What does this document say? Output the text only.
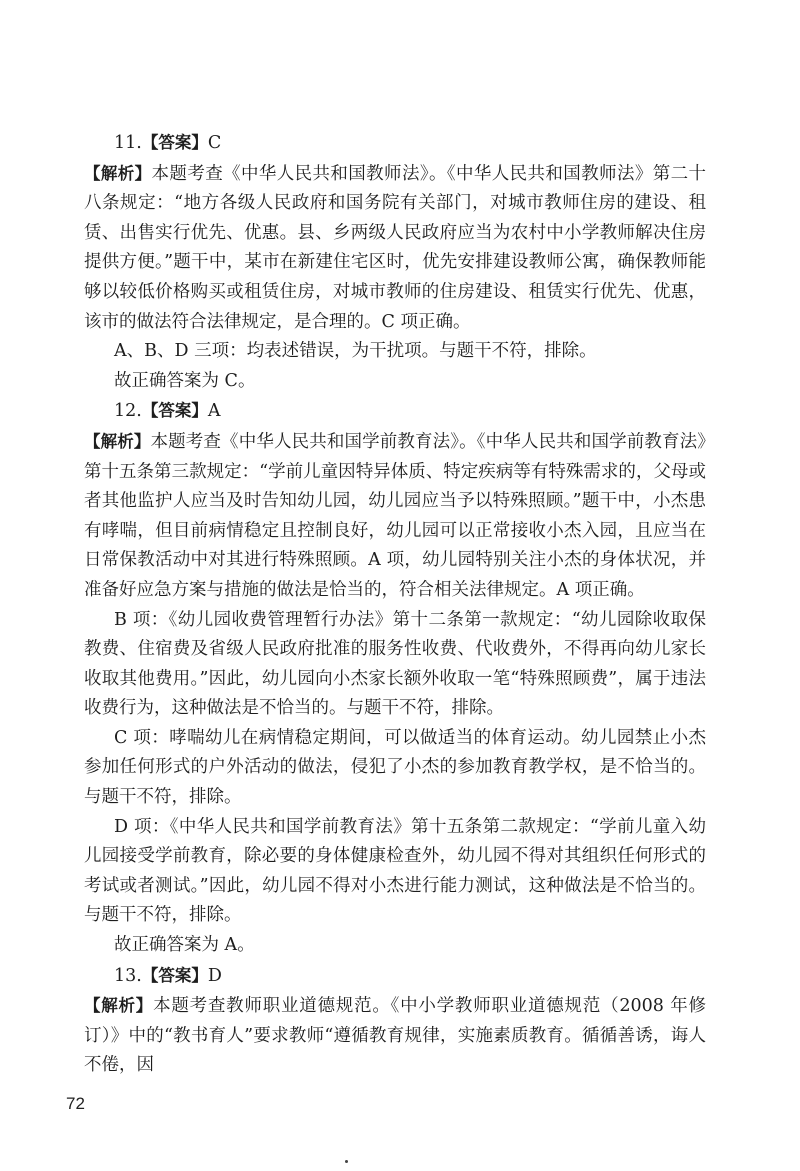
11.【答案】C

【解析】本题考查《中华人民共和国教师法》。《中华人民共和国教师法》第二十八条规定：“地方各级人民政府和国务院有关部门，对城市教师住房的建设、租赁、出售实行优先、优惠。县、乡两级人民政府应当为农村中小学教师解决住房提供方便。”题干中，某市在新建住宅区时，优先安排建设教师公寓，确保教师能够以较低价格购买或租赁住房，对城市教师的住房建设、租赁实行优先、优惠，该市的做法符合法律规定，是合理的。C 项正确。

A、B、D 三项：均表述错误，为干扰项。与题干不符，排除。

故正确答案为 C。

12.【答案】A

【解析】本题考查《中华人民共和国学前教育法》。《中华人民共和国学前教育法》第十五条第三款规定：“学前儿童因特异体质、特定疾病等有特殊需求的，父母或者其他监护人应当及时告知幼儿园，幼儿园应当予以特殊照顾。”题干中，小杰患有哮喘，但目前病情稳定且控制良好，幼儿园可以正常接收小杰入园，且应当在日常保教活动中对其进行特殊照顾。A 项，幼儿园特别关注小杰的身体状况，并准备好应急方案与措施的做法是恰当的，符合相关法律规定。A 项正确。

B 项：《幼儿园收费管理暂行办法》第十二条第一款规定：“幼儿园除收取保教费、住宿费及省级人民政府批准的服务性收费、代收费外，不得再向幼儿家长收取其他费用。”因此，幼儿园向小杰家长额外收取一笔“特殊照顾费”，属于违法收费行为，这种做法是不恰当的。与题干不符，排除。

C 项：哮喘幼儿在病情稳定期间，可以做适当的体育运动。幼儿园禁止小杰参加任何形式的户外活动的做法，侵犯了小杰的参加教育教学权，是不恰当的。与题干不符，排除。

D 项：《中华人民共和国学前教育法》第十五条第二款规定：“学前儿童入幼儿园接受学前教育，除必要的身体健康检查外，幼儿园不得对其组织任何形式的考试或者测试。”因此，幼儿园不得对小杰进行能力测试，这种做法是不恰当的。与题干不符，排除。

故正确答案为 A。

13.【答案】D

【解析】本题考查教师职业道德规范。《中小学教师职业道德规范（2008 年修订）》中的“教书育人”要求教师“遵循教育规律，实施素质教育。循循善诱，诲人不倦，因

72
